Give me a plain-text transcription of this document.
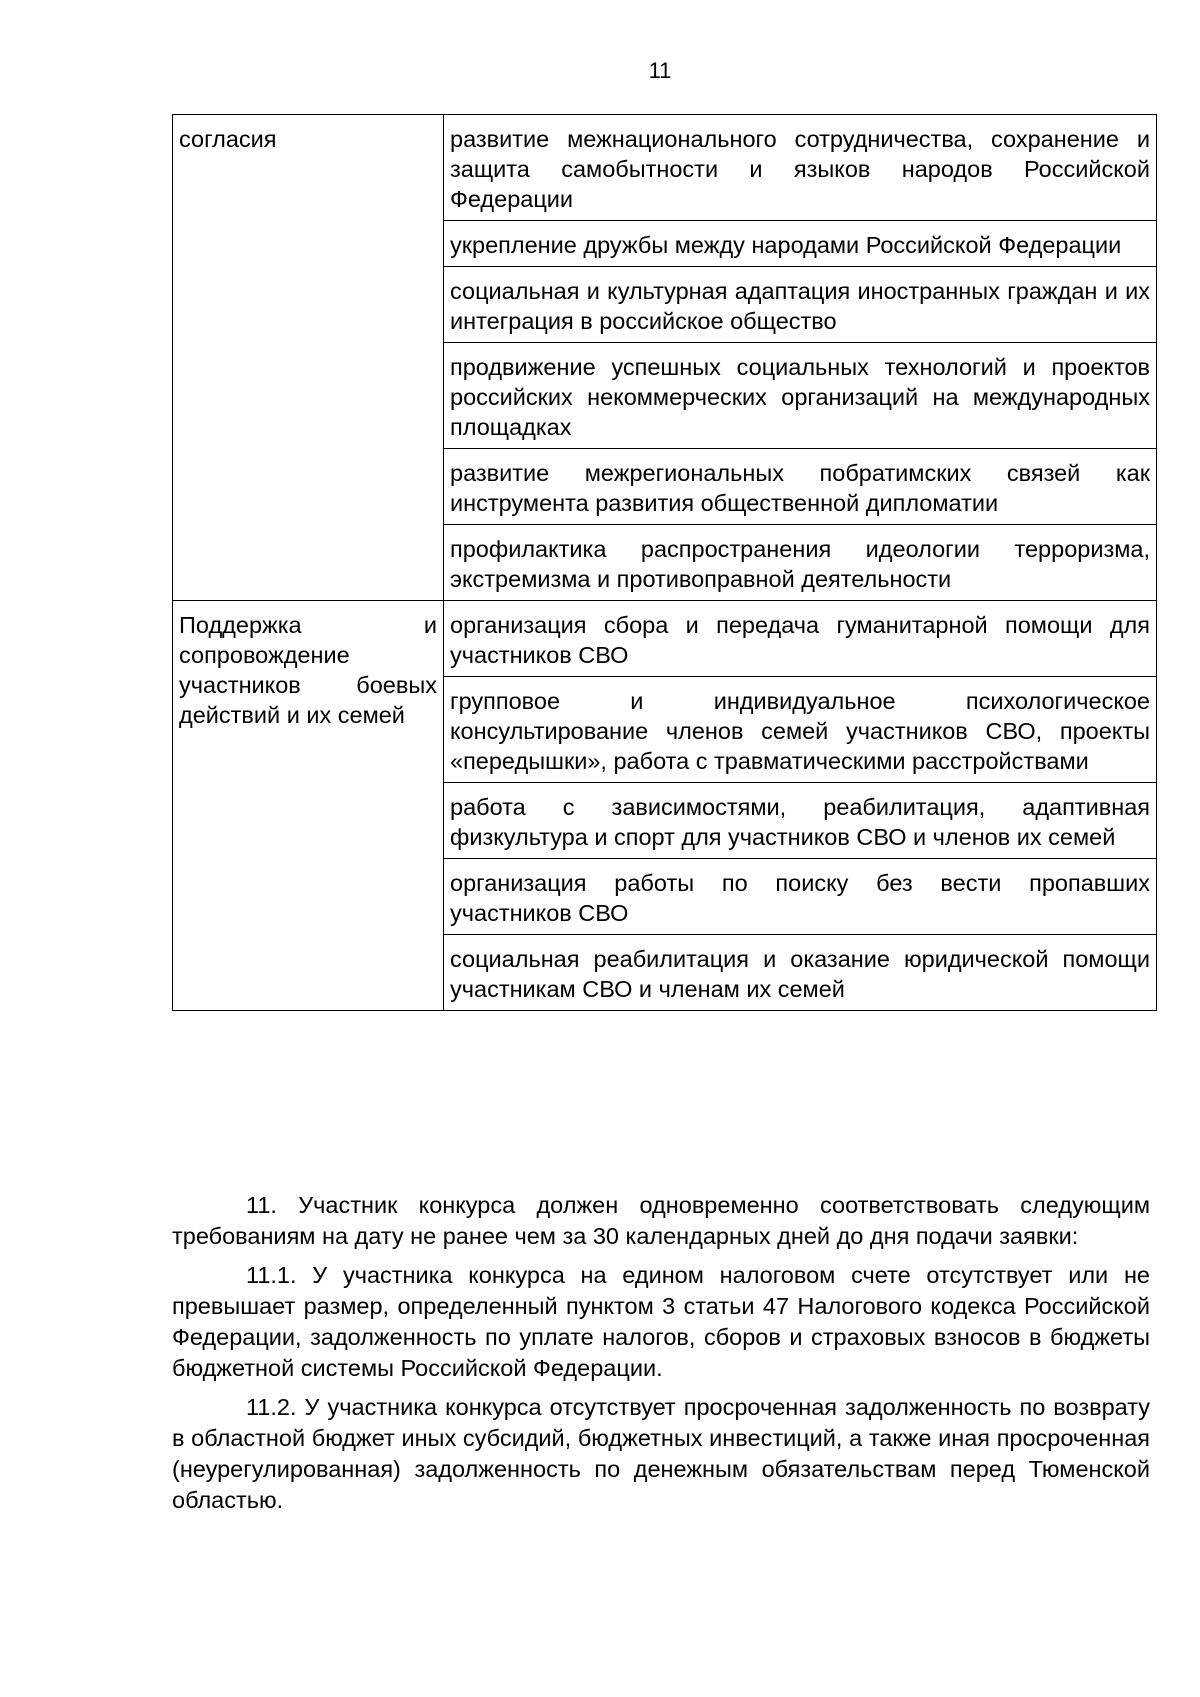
11
согласия	развитие межнационального сотрудничества, сохранение и защита самобытности и языков народов Российской Федерации
	укрепление дружбы между народами Российской Федерации
	социальная и культурная адаптация иностранных граждан и их интеграция в российское общество
	продвижение успешных социальных технологий и проектов российских некоммерческих организаций на международных площадках
	развитие межрегиональных побратимских связей как инструмента развития общественной дипломатии
	профилактика распространения идеологии терроризма, экстремизма и противоправной деятельности
Поддержка и сопровождение участников боевых действий и их семей	организация сбора и передача гуманитарной помощи для участников СВО
	групповое и индивидуальное психологическое консультирование членов семей участников СВО, проекты «передышки», работа с травматическими расстройствами
	работа с зависимостями, реабилитация, адаптивная физкультура и спорт для участников СВО и членов их семей
	организация работы по поиску без вести пропавших участников СВО
	социальная реабилитация и оказание юридической помощи участникам СВО и членам их семей

11. Участник конкурса должен одновременно соответствовать следующим требованиям на дату не ранее чем за 30 календарных дней до дня подачи заявки:

11.1. У участника конкурса на едином налоговом счете отсутствует или не превышает размер, определенный пунктом 3 статьи 47 Налогового кодекса Российской Федерации, задолженность по уплате налогов, сборов и страховых взносов в бюджеты бюджетной системы Российской Федерации.

11.2. У участника конкурса отсутствует просроченная задолженность по возврату в областной бюджет иных субсидий, бюджетных инвестиций, а также иная просроченная (неурегулированная) задолженность по денежным обязательствам перед Тюменской областью.
